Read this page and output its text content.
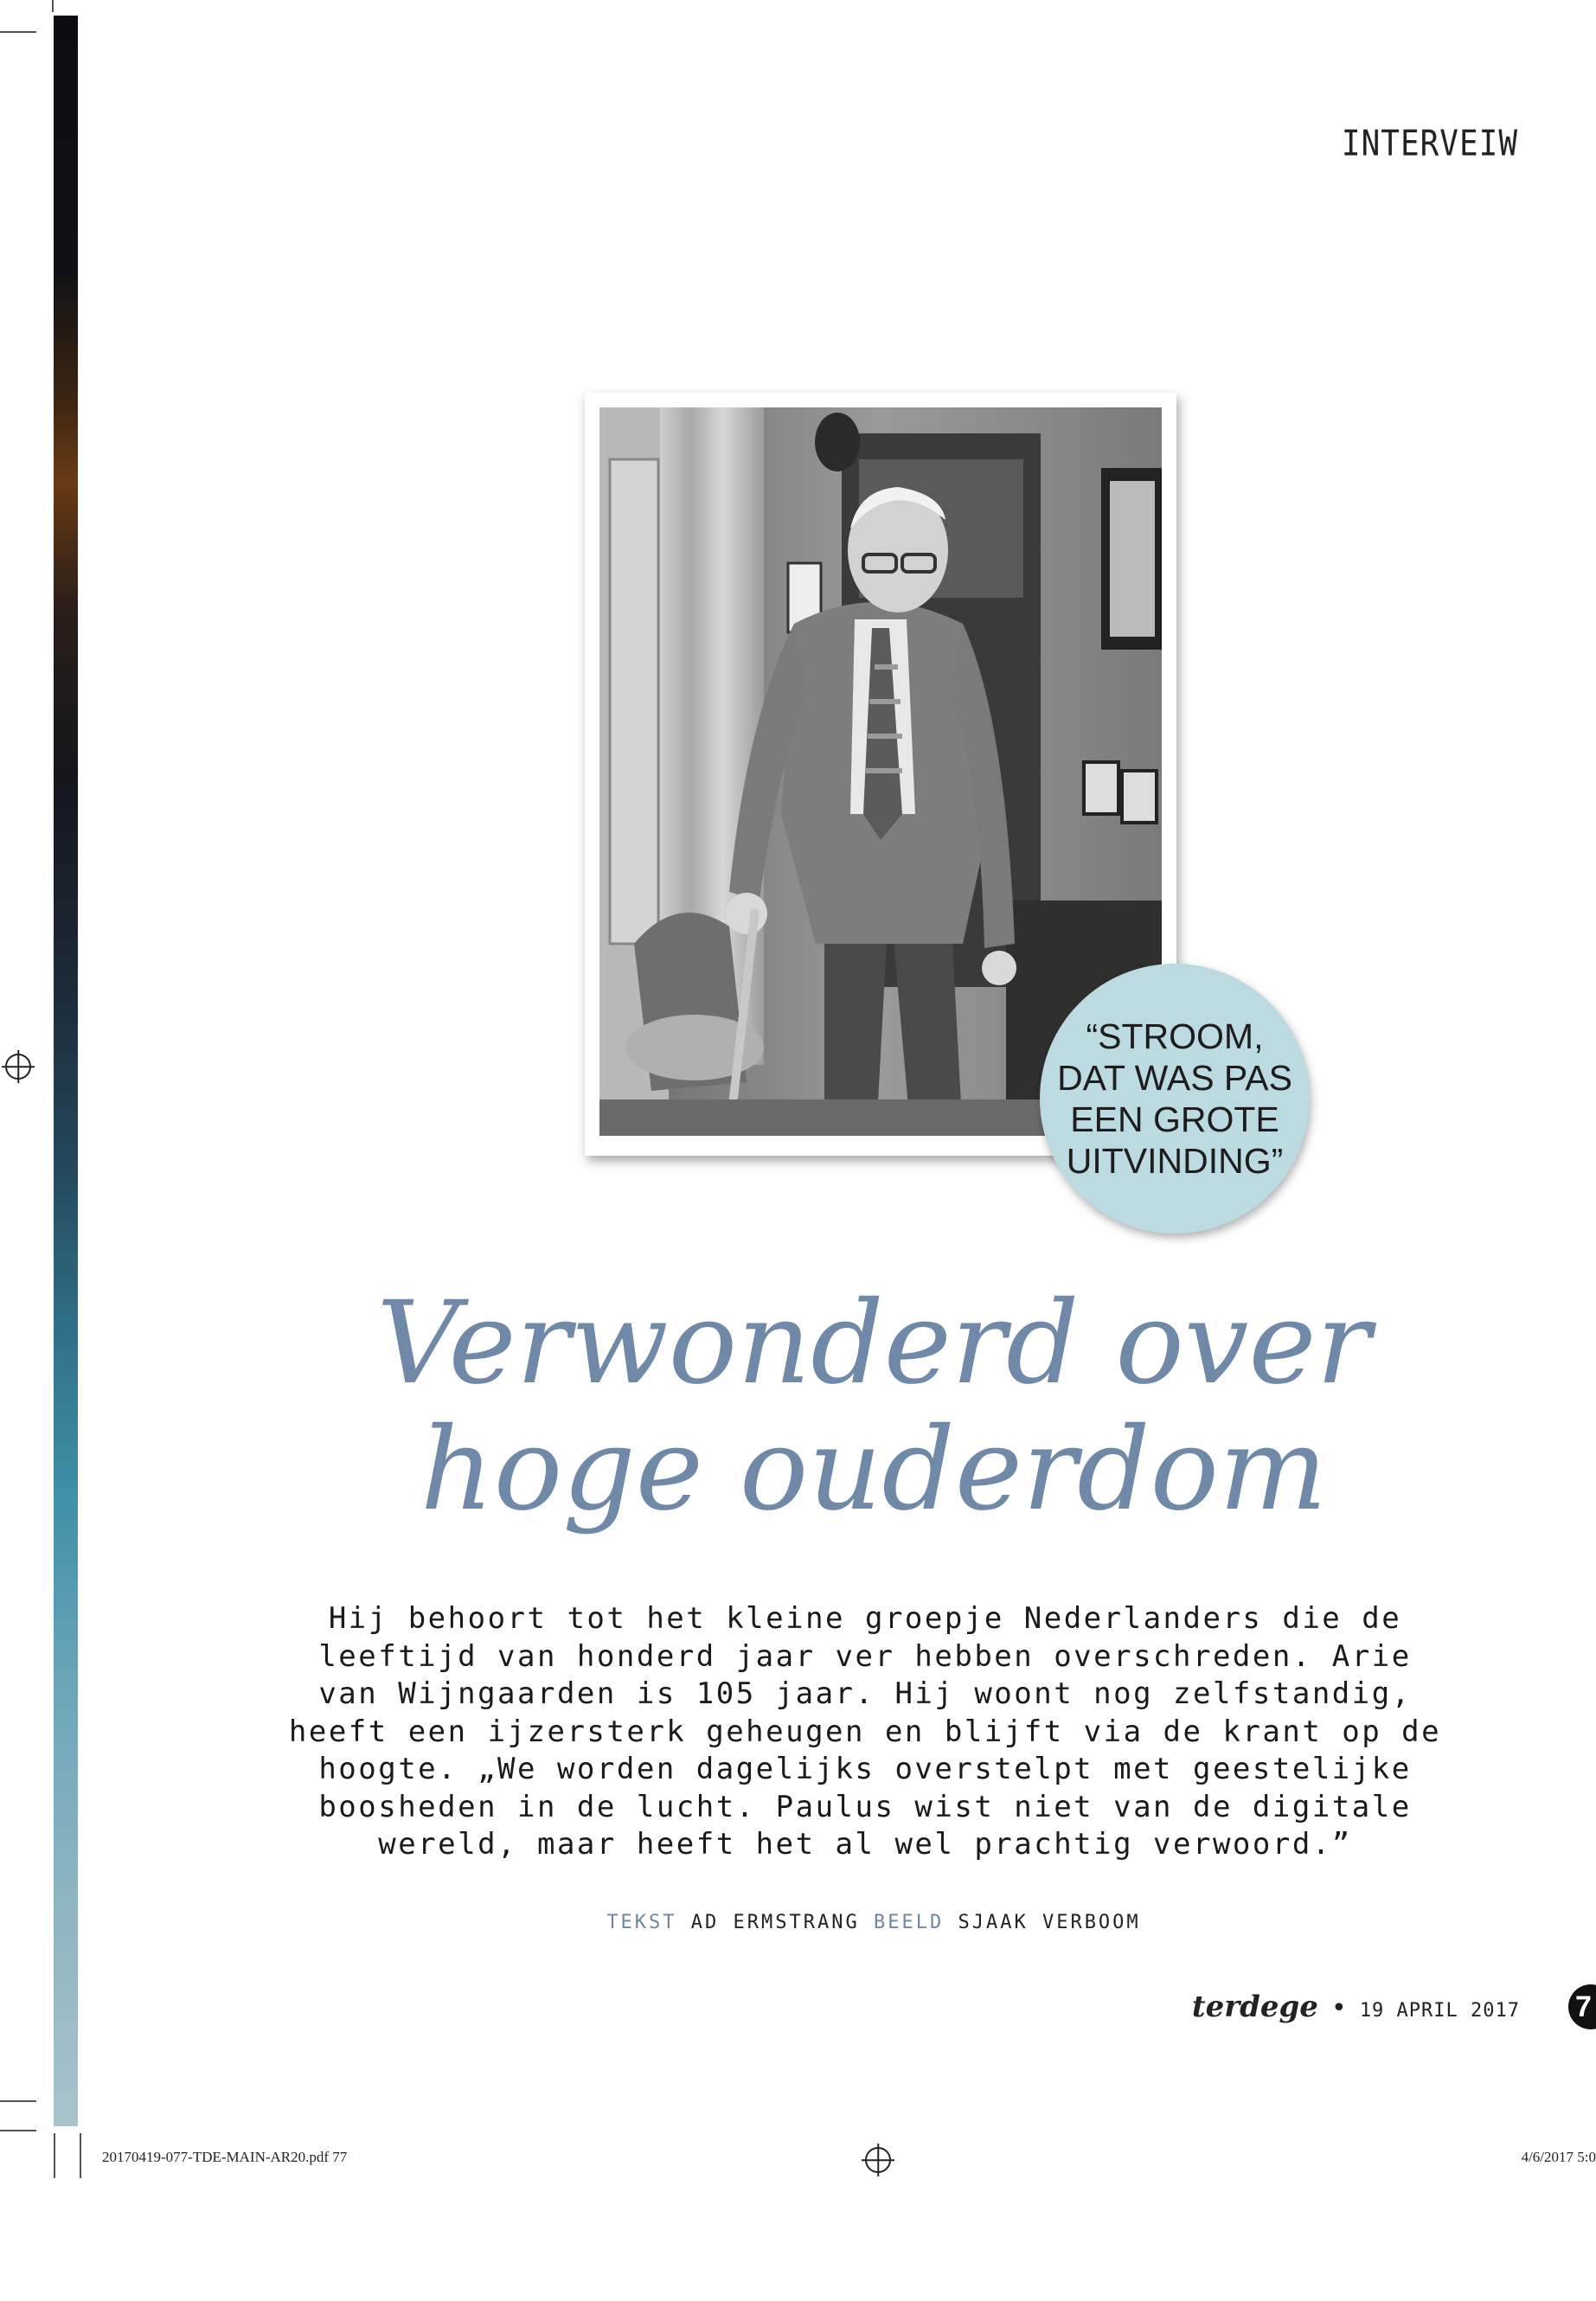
INTERVEIW
“STROOM,
DAT WAS PAS
EEN GROTE
UITVINDING”
Verwonderd over
hoge ouderdom
Hij behoort tot het kleine groepje Nederlanders die de leeftijd van honderd jaar ver hebben overschreden. Arie van Wijngaarden is 105 jaar. Hij woont nog zelfstandig, heeft een ijzersterk geheugen en blijft via de krant op de hoogte. „We worden dagelijks overstelpt met geestelijke boosheden in de lucht. Paulus wist niet van de digitale wereld, maar heeft het al wel prachtig verwoord.”
TEKST AD ERMSTRANG BEELD SJAAK VERBOOM
terdege • 19 APRIL 2017 7
20170419-077-TDE-MAIN-AR20.pdf 77	4/6/2017 5:0
